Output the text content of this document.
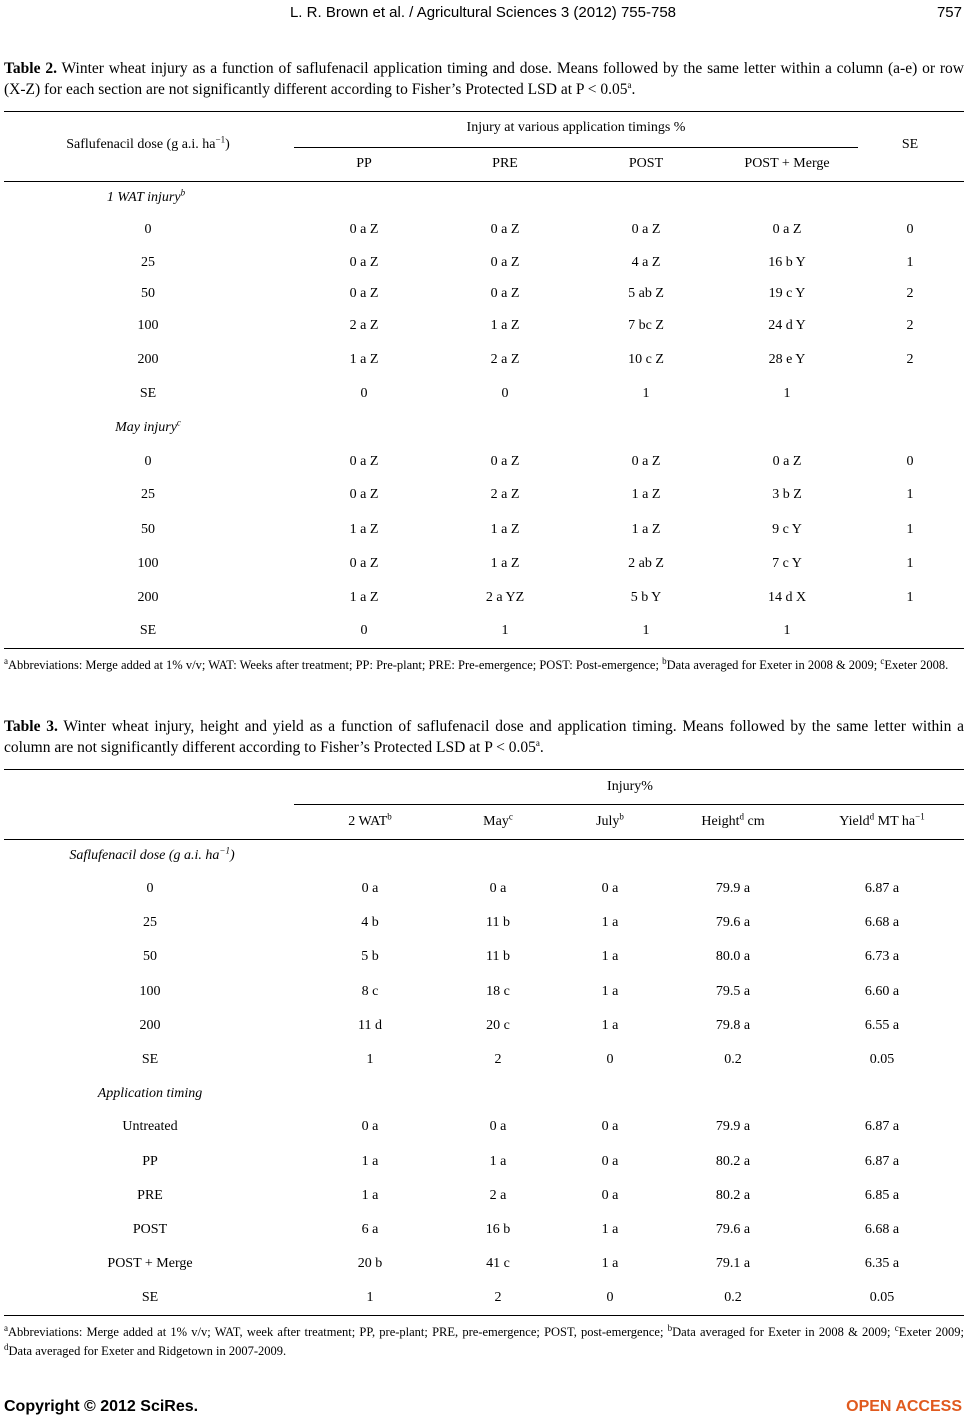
L. R. Brown et al. / Agricultural Sciences 3 (2012) 755-758	757
Table 2. Winter wheat injury as a function of saflufenacil application timing and dose. Means followed by the same letter within a column (a-e) or row (X-Z) for each section are not significantly different according to Fisher’s Protected LSD at P < 0.05$^a$.
Saflufenacil dose (g a.i. $ha^{-1}$)
Injury at various application timings %
SE
PP	PRE	POST	POST + Merge
1 WAT injury$^b$
0	0 a Z	0 a Z	0 a Z	0 a Z	0
25	0 a Z	0 a Z	4 a Z	16 b Y	1
50	0 a Z	0 a Z	5 ab Z	19 c Y	2
100	2 a Z	1 a Z	7 bc Z	24 d Y	2
200	1 a Z	2 a Z	10 c Z	28 e Y	2
SE	0	0	1	1
May injury$^c$
0	0 a Z	0 a Z	0 a Z	0 a Z	0
25	0 a Z	2 a Z	1 a Z	3 b Z	1
50	1 a Z	1 a Z	1 a Z	9 c Y	1
100	0 a Z	1 a Z	2 ab Z	7 c Y	1
200	1 a Z	2 a YZ	5 b Y	14 d X	1
SE	0	1	1	1
$^a$Abbreviations: Merge added at 1% v/v; WAT: Weeks after treatment; PP: Pre-plant; PRE: Pre-emergence; POST: Post-emergence; $^b$Data averaged for Exeter in 2008 & 2009; $^c$Exeter 2008.
Table 3. Winter wheat injury, height and yield as a function of saflufenacil dose and application timing. Means followed by the same letter within a column are not significantly different according to Fisher’s Protected LSD at P < 0.05$^a$.
Injury%
2 WAT$^b$	May$^c$	July$^b$	Height$^d$ cm	Yield$^d$ MT $ha^{-1}$
Saflufenacil dose (g a.i. $ha^{-1}$)
0	0 a	0 a	0 a	79.9 a	6.87 a
25	4 b	11 b	1 a	79.6 a	6.68 a
50	5 b	11 b	1 a	80.0 a	6.73 a
100	8 c	18 c	1 a	79.5 a	6.60 a
200	11 d	20 c	1 a	79.8 a	6.55 a
SE	1	2	0	0.2	0.05
Application timing
Untreated	0 a	0 a	0 a	79.9 a	6.87 a
PP	1 a	1 a	0 a	80.2 a	6.87 a
PRE	1 a	2 a	0 a	80.2 a	6.85 a
POST	6 a	16 b	1 a	79.6 a	6.68 a
POST + Merge	20 b	41 c	1 a	79.1 a	6.35 a
SE	1	2	0	0.2	0.05
$^a$Abbreviations: Merge added at 1% v/v; WAT, week after treatment; PP, pre-plant; PRE, pre-emergence; POST, post-emergence; $^b$Data averaged for Exeter in 2008 & 2009; $^c$Exeter 2009; $^d$Data averaged for Exeter and Ridgetown in 2007-2009.
Copyright © 2012 SciRes.	OPEN ACCESS
